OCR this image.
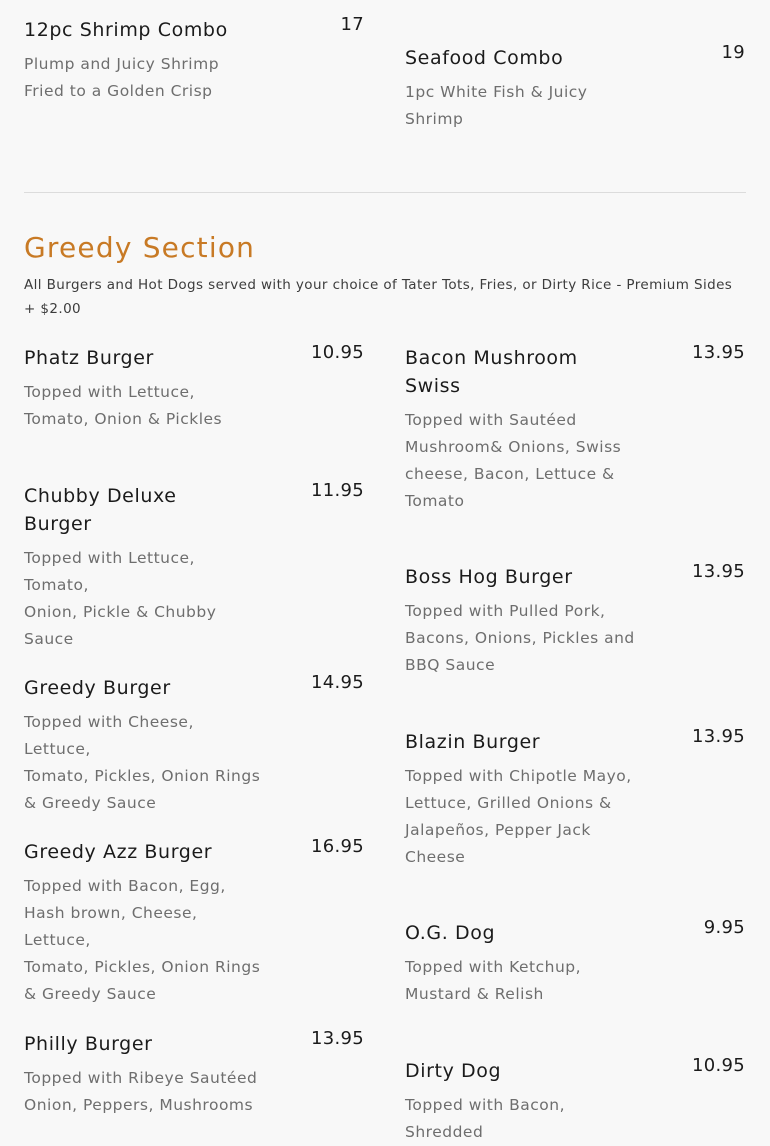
12pc Shrimp Combo	17
Plump and Juicy Shrimp
Fried to a Golden Crisp
Seafood Combo	19
1pc White Fish & Juicy
Shrimp
Greedy Section
All Burgers and Hot Dogs served with your choice of Tater Tots, Fries, or Dirty Rice - Premium Sides + $2.00
Phatz Burger	10.95
Topped with Lettuce,
Tomato, Onion & Pickles
Chubby Deluxe
Burger
11.95
Topped with Lettuce, Tomato,
Onion, Pickle & Chubby
Sauce
Greedy Burger	14.95
Topped with Cheese, Lettuce,
Tomato, Pickles, Onion Rings
& Greedy Sauce
Greedy Azz Burger	16.95
Topped with Bacon, Egg,
Hash brown, Cheese, Lettuce,
Tomato, Pickles, Onion Rings
& Greedy Sauce
Philly Burger	13.95
Topped with Ribeye Sautéed
Onion, Peppers, Mushrooms
Bacon Mushroom
Swiss
13.95
Topped with Sautéed
Mushroom& Onions, Swiss
cheese, Bacon, Lettuce &
Tomato
Boss Hog Burger	13.95
Topped with Pulled Pork,
Bacons, Onions, Pickles and
BBQ Sauce
Blazin Burger	13.95
Topped with Chipotle Mayo,
Lettuce, Grilled Onions &
Jalapeños, Pepper Jack
Cheese
O.G. Dog	9.95
Topped with Ketchup,
Mustard & Relish
Dirty Dog	10.95
Topped with Bacon, Shredded
